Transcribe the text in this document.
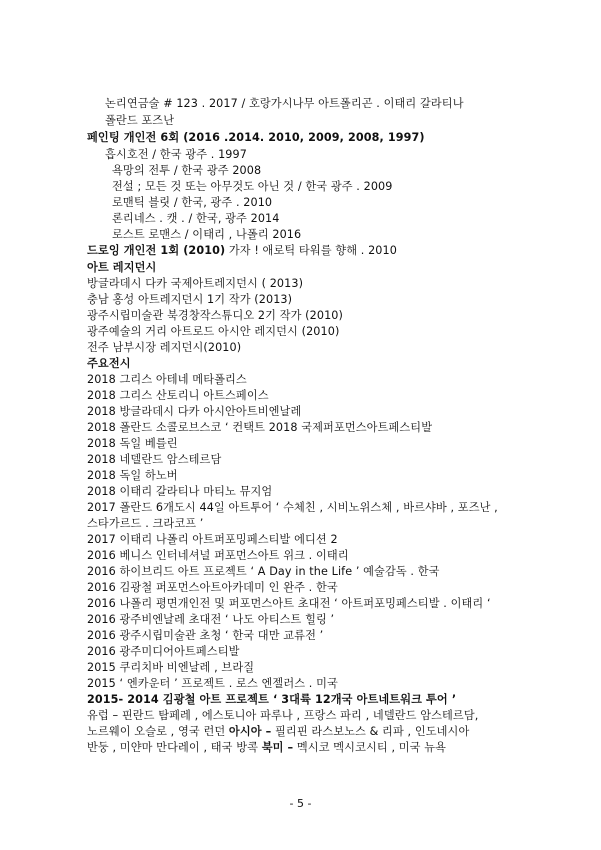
논리연금술 # 123 . 2017 / 호랑가시나무 아트폴리곤 . 이태리 갈라티나
폴란드 포즈난
페인팅 개인전 6회 (2016 .2014. 2010, 2009, 2008, 1997)
흡시호전 / 한국 광주 . 1997
욕망의 전투 / 한국 광주 2008
전설 ; 모든 것 또는 아무것도 아닌 것 / 한국 광주 . 2009
로맨틱 블릿 / 한국, 광주 . 2010
론리네스 . 캣 . / 한국, 광주 2014
로스트 로맨스 / 이태리 , 나폴리 2016
드로잉 개인전 1회 (2010) 가자 ! 애로틱 타워를 향해 . 2010
아트 레지던시
방글라데시 다카 국제아트레지던시 ( 2013)
충남 홍성 아트레지던시 1기 작가 (2013)
광주시립미술관 북경창작스튜디오 2기 작가 (2010)
광주예술의 거리 아트로드 아시안 레지던시 (2010)
전주 남부시장 레지던시(2010)
주요전시
2018 그리스 아테네 메타폴리스
2018 그리스 산토리니 아트스페이스
2018 방글라데시 다카 아시안아트비엔날레
2018 폴란드 소콜로브스코 ‘ 컨택트 2018 국제퍼포먼스아트페스티발
2018 독일 베를린
2018 네델란드 암스테르담
2018 독일 하노버
2018 이태리 갈라티나 마티노 뮤지엄
2017 폴란드 6개도시 44일 아트투어 ‘ 수체친 , 시비노위스체 , 바르샤바 , 포즈난 ,
스타가르드 . 크라코프 ’
2017 이태리 나폴리 아트퍼포밍페스티발 에디션 2
2016 베니스 인터네셔널 퍼포먼스아트 위크 . 이태리
2016 하이브리드 아트 프로젝트 ‘ A Day in the Life ’ 예술감독 . 한국
2016 김광철 퍼포먼스아트아카데미 인 완주 . 한국
2016 나폴리 평면개인전 및 퍼포먼스아트 초대전 ‘ 아트퍼포밍페스티발 . 이태리 ‘
2016 광주비엔날레 초대전 ‘ 나도 아티스트 힐링 ’
2016 광주시립미술관 초청 ‘ 한국 대만 교류전 ’
2016 광주미디어아트페스티발
2015 쿠리치바 비엔날레 , 브라질
2015 ‘ 엔카운터 ’ 프로젝트 . 로스 엔젤러스 . 미국
2015- 2014 김광철 아트 프로젝트 ‘ 3대륙 12개국 아트네트워크 투어 ’
유럽 – 핀란드 탐페레 , 에스토니아 파루나 , 프랑스 파리 , 네델란드 암스테르담,
노르웨이 오슬로 , 영국 런던 아시아 – 필리핀 라스보노스 & 리파 , 인도네시아
반둥 , 미얀마 만다레이 , 태국 방콕 북미 – 멕시코 멕시코시티 , 미국 뉴욕
- 5 -
